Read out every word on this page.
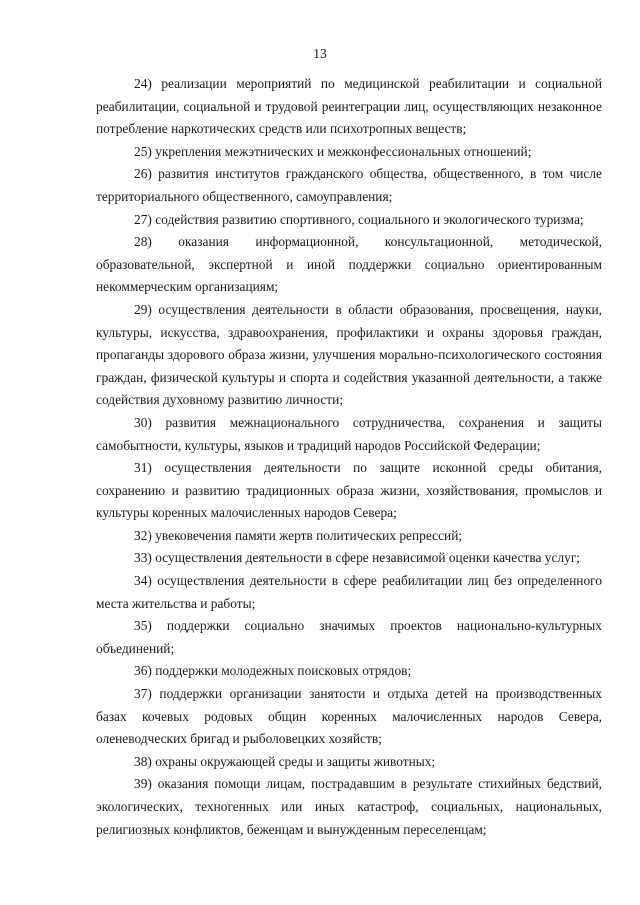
13

24) реализации мероприятий по медицинской реабилитации и социальной реабилитации, социальной и трудовой реинтеграции лиц, осуществляющих незаконное потребление наркотических средств или психотропных веществ;

25) укрепления межэтнических и межконфессиональных отношений;

26) развития институтов гражданского общества, общественного, в том числе территориального общественного, самоуправления;

27) содействия развитию спортивного, социального и экологического туризма;

28) оказания информационной, консультационной, методической, образовательной, экспертной и иной поддержки социально ориентированным некоммерческим организациям;

29) осуществления деятельности в области образования, просвещения, науки, культуры, искусства, здравоохранения, профилактики и охраны здоровья граждан, пропаганды здорового образа жизни, улучшения морально-психологического состояния граждан, физической культуры и спорта и содействия указанной деятельности, а также содействия духовному развитию личности;

30) развития межнационального сотрудничества, сохранения и защиты самобытности, культуры, языков и традиций народов Российской Федерации;

31) осуществления деятельности по защите исконной среды обитания, сохранению и развитию традиционных образа жизни, хозяйствования, промыслов и культуры коренных малочисленных народов Севера;

32) увековечения памяти жертв политических репрессий;

33) осуществления деятельности в сфере независимой оценки качества услуг;

34) осуществления деятельности в сфере реабилитации лиц без определенного места жительства и работы;

35) поддержки социально значимых проектов национально-культурных объединений;

36) поддержки молодежных поисковых отрядов;

37) поддержки организации занятости и отдыха детей на производственных базах кочевых родовых общин коренных малочисленных народов Севера, оленеводческих бригад и рыболовецких хозяйств;

38) охраны окружающей среды и защиты животных;

39) оказания помощи лицам, пострадавшим в результате стихийных бедствий, экологических, техногенных или иных катастроф, социальных, национальных, религиозных конфликтов, беженцам и вынужденным переселенцам;
